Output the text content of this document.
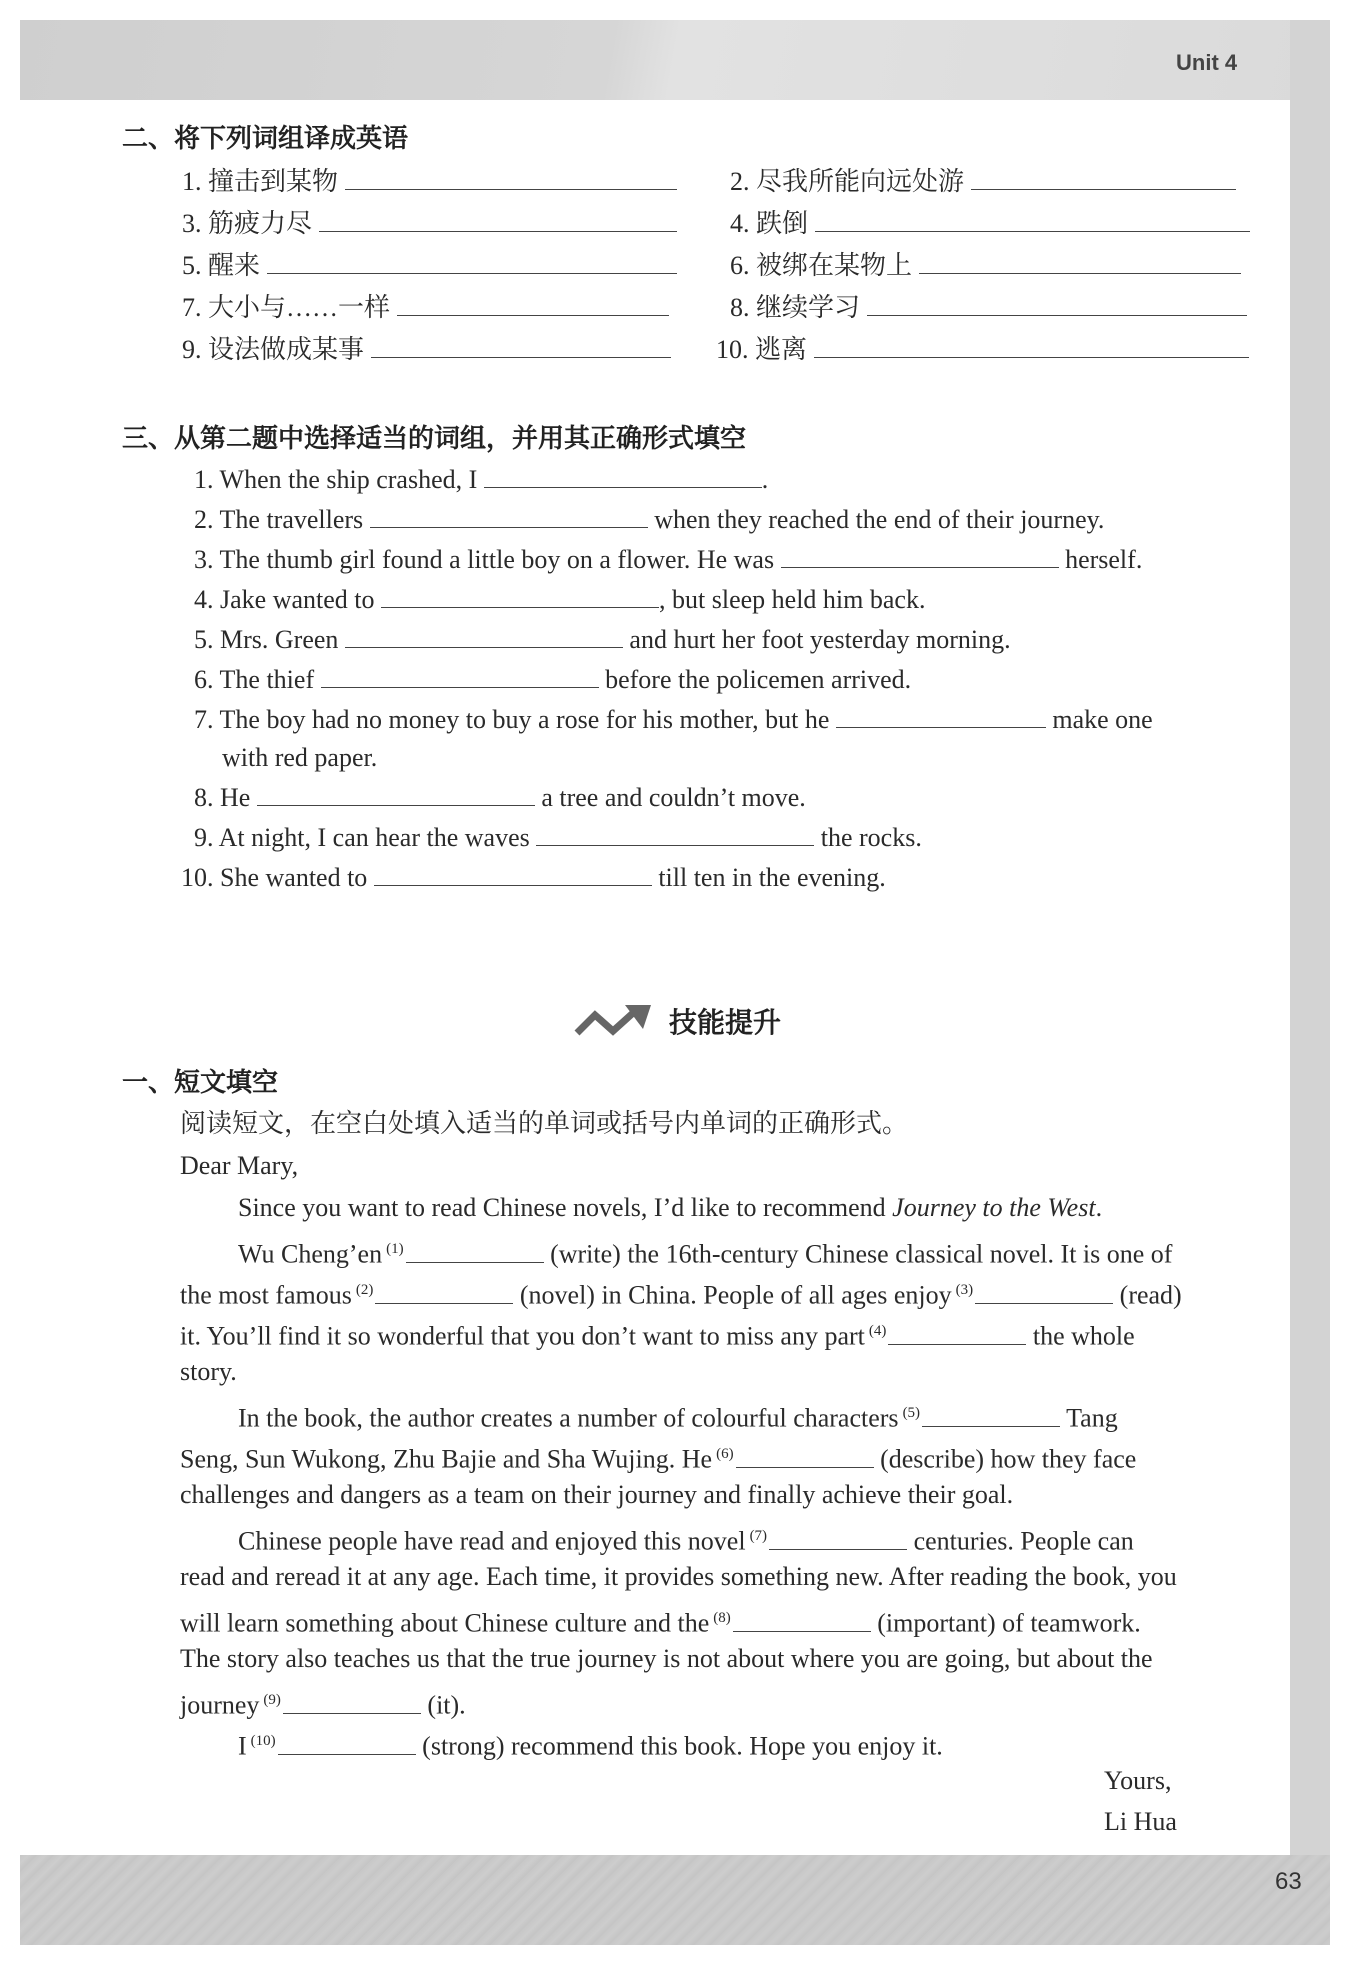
Unit 4
二、将下列词组译成英语
1. 撞击到某物	2. 尽我所能向远处游
3. 筋疲力尽	4. 跌倒
5. 醒来	6. 被绑在某物上
7. 大小与……一样	8. 继续学习
9. 设法做成某事	10. 逃离
三、从第二题中选择适当的词组，并用其正确形式填空
1. When the ship crashed, I	.
2. The travellers	when they reached the end of their journey.
3. The thumb girl found a little boy on a flower. He was	herself.
4. Jake wanted to	, but sleep held him back.
5. Mrs. Green	and hurt her foot yesterday morning.
6. The thief	before the policemen arrived.
7. The boy had no money to buy a rose for his mother, but he	make one
with red paper.
8. He	a tree and couldn’t move.
9. At night, I can hear the waves	the rocks.
10. She wanted to	till ten in the evening.
技能提升
一、短文填空
阅读短文，在空白处填入适当的单词或括号内单词的正确形式。
Dear Mary,
Since you want to read Chinese novels, I’d like to recommend Journey to the West.
Wu Cheng’en $^{(1)}$	(write) the 16th-century Chinese classical novel. It is one of
the most famous $^{(2)}$	(novel) in China. People of all ages enjoy $^{(3)}$	(read)
it. You’ll find it so wonderful that you don’t want to miss any part $^{(4)}$	the whole
story.
In the book, the author creates a number of colourful characters $^{(5)}$	Tang
Seng, Sun Wukong, Zhu Bajie and Sha Wujing. He $^{(6)}$	(describe) how they face
challenges and dangers as a team on their journey and finally achieve their goal.
Chinese people have read and enjoyed this novel $^{(7)}$	centuries. People can
read and reread it at any age. Each time, it provides something new. After reading the book, you
will learn something about Chinese culture and the $^{(8)}$	(important) of teamwork.
The story also teaches us that the true journey is not about where you are going, but about the
journey $^{(9)}$	(it).
I $^{(10)}$	(strong) recommend this book. Hope you enjoy it.
Yours,
Li Hua
63
